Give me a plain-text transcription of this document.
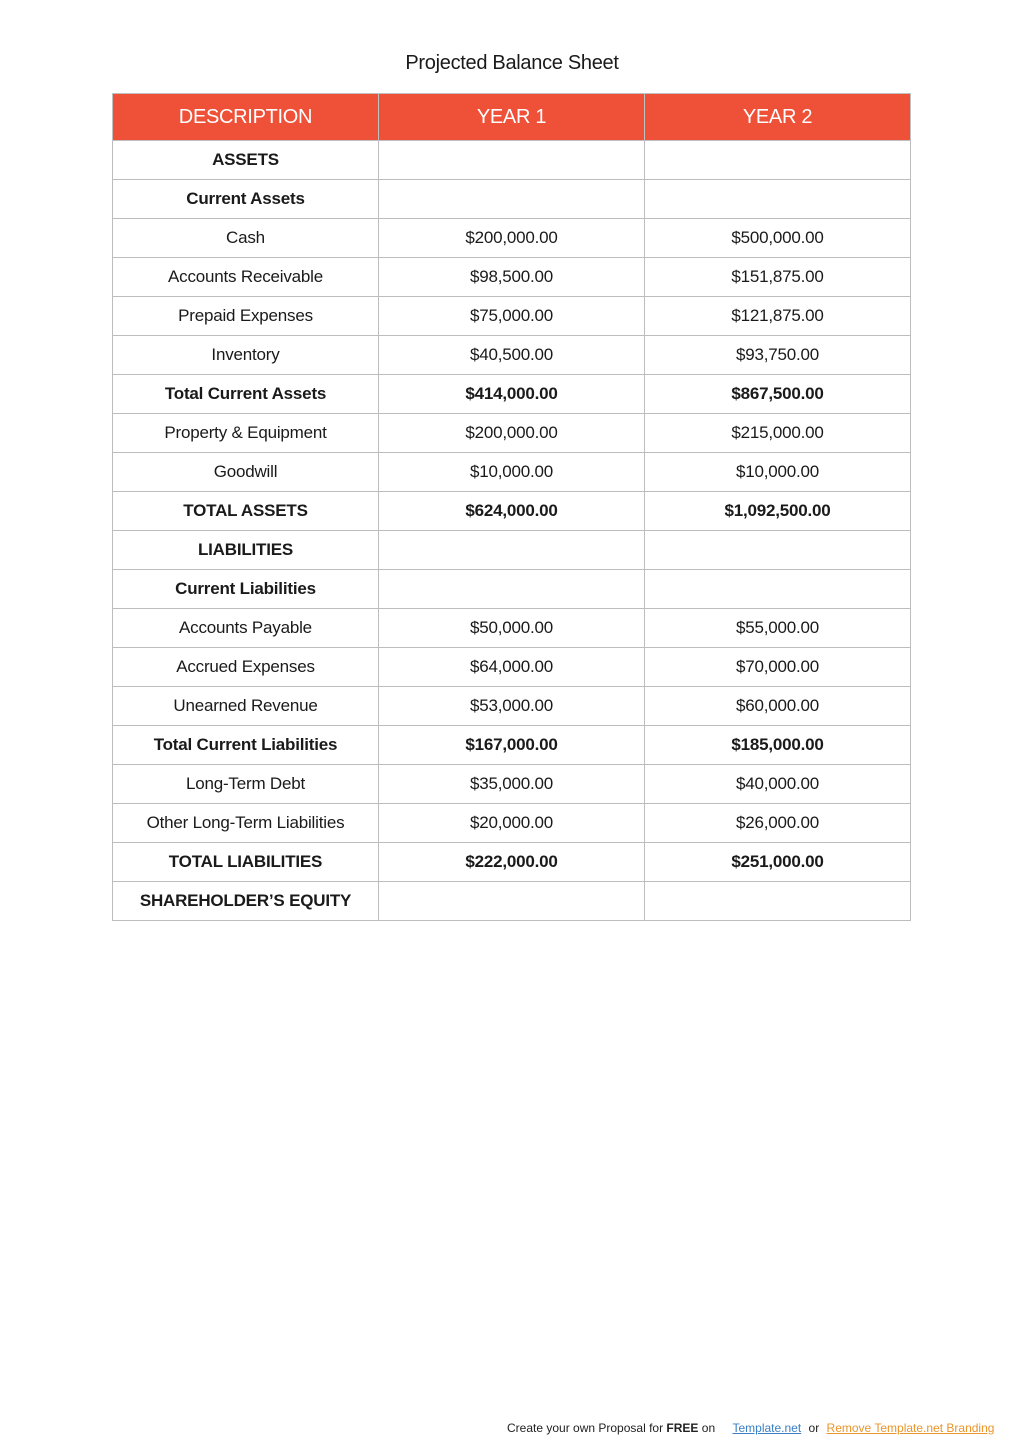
Projected Balance Sheet
DESCRIPTION	YEAR 1	YEAR 2
ASSETS		
Current Assets		
Cash	$200,000.00	$500,000.00
Accounts Receivable	$98,500.00	$151,875.00
Prepaid Expenses	$75,000.00	$121,875.00
Inventory	$40,500.00	$93,750.00
Total Current Assets	$414,000.00	$867,500.00
Property & Equipment	$200,000.00	$215,000.00
Goodwill	$10,000.00	$10,000.00
TOTAL ASSETS	$624,000.00	$1,092,500.00
LIABILITIES		
Current Liabilities		
Accounts Payable	$50,000.00	$55,000.00
Accrued Expenses	$64,000.00	$70,000.00
Unearned Revenue	$53,000.00	$60,000.00
Total Current Liabilities	$167,000.00	$185,000.00
Long-Term Debt	$35,000.00	$40,000.00
Other Long-Term Liabilities	$20,000.00	$26,000.00
TOTAL LIABILITIES	$222,000.00	$251,000.00
SHAREHOLDER’S EQUITY		
Create your own Proposal for FREE on Template.net or Remove Template.net Branding
